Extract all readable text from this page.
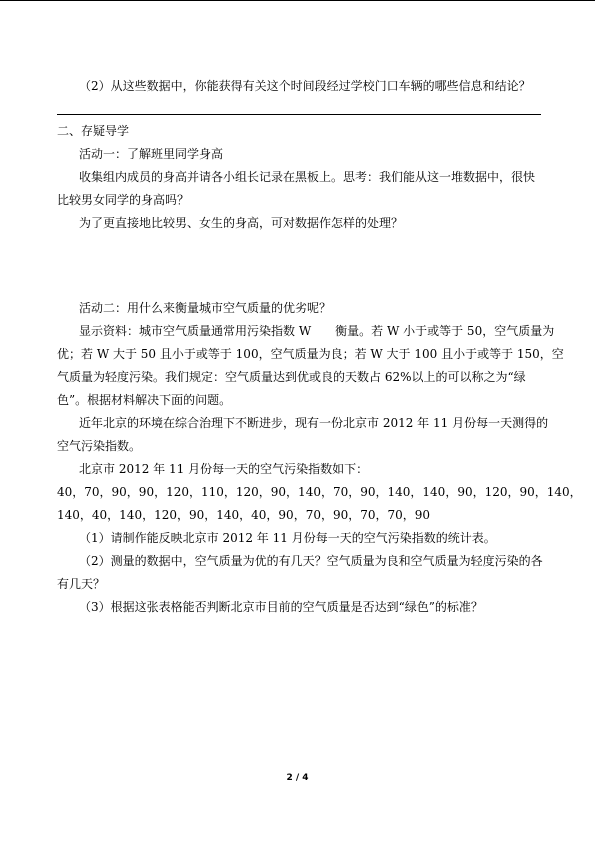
（2）从这些数据中，你能获得有关这个时间段经过学校门口车辆的哪些信息和结论？
二、存疑导学
活动一：了解班里同学身高
收集组内成员的身高并请各小组长记录在黑板上。思考：我们能从这一堆数据中，很快
比较男女同学的身高吗？
为了更直接地比较男、女生的身高，可对数据作怎样的处理？
活动二：用什么来衡量城市空气质量的优劣呢？
显示资料：城市空气质量通常用污染指数 W　　衡量。若 W 小于或等于 50，空气质量为
优；若 W 大于 50 且小于或等于 100，空气质量为良；若 W 大于 100 且小于或等于 150，空
气质量为轻度污染。我们规定：空气质量达到优或良的天数占 62%以上的可以称之为“绿
色”。根据材料解决下面的问题。
近年北京的环境在综合治理下不断进步，现有一份北京市 2012 年 11 月份每一天测得的
空气污染指数。
北京市 2012 年 11 月份每一天的空气污染指数如下：
40，70，90，90，120，110，120，90，140，70，90，140，140，90，120，90，140，
140，40，140，120，90，140，40，90，70，90，70，70，90
（1）请制作能反映北京市 2012 年 11 月份每一天的空气污染指数的统计表。
（2）测量的数据中，空气质量为优的有几天？空气质量为良和空气质量为轻度污染的各
有几天？
（3）根据这张表格能否判断北京市目前的空气质量是否达到“绿色”的标准？
2 / 4
